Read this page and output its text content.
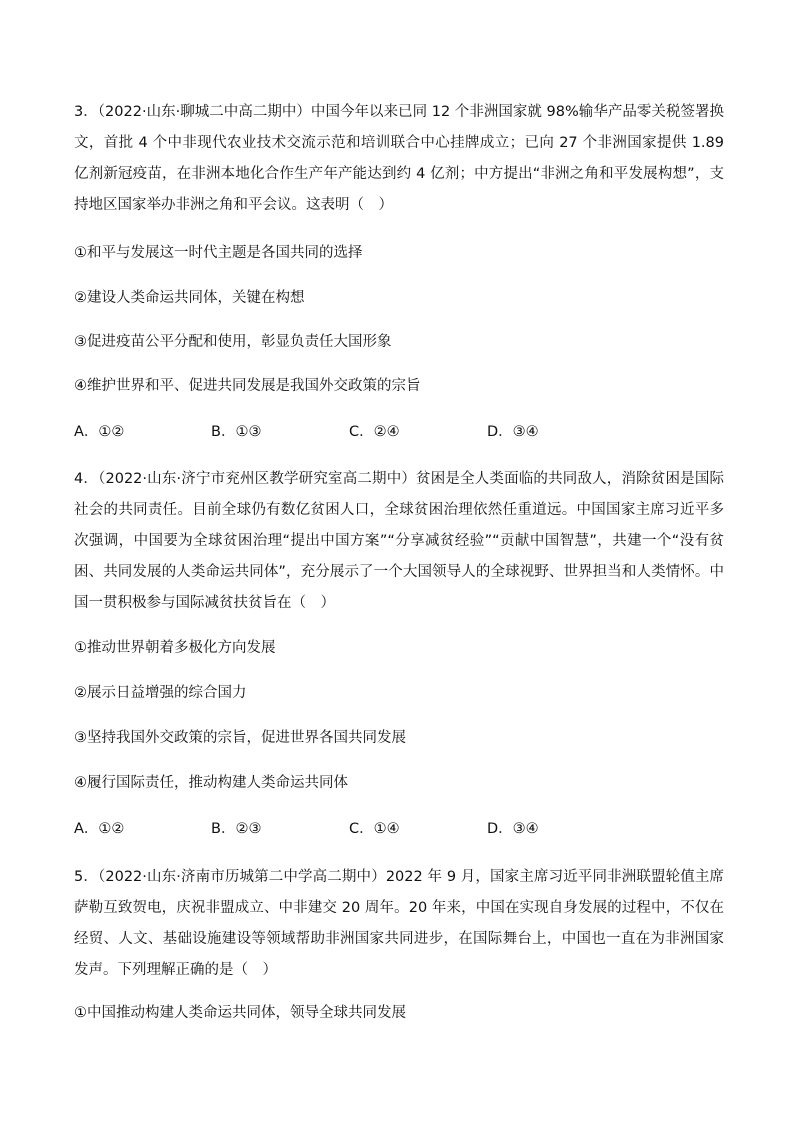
3．（2022·山东·聊城二中高二期中）中国今年以来已同 12 个非洲国家就 98%输华产品零关税签署换文，首批 4 个中非现代农业技术交流示范和培训联合中心挂牌成立；已向 27 个非洲国家提供 1.89 亿剂新冠疫苗，在非洲本地化合作生产年产能达到约 4 亿剂；中方提出“非洲之角和平发展构想”，支持地区国家举办非洲之角和平会议。这表明（　）

①和平与发展这一时代主题是各国共同的选择

②建设人类命运共同体，关键在构想

③促进疫苗公平分配和使用，彰显负责任大国形象

④维护世界和平、促进共同发展是我国外交政策的宗旨

A．①②	B．①③	C．②④	D．③④

4．（2022·山东·济宁市兖州区教学研究室高二期中）贫困是全人类面临的共同敌人，消除贫困是国际社会的共同责任。目前全球仍有数亿贫困人口，全球贫困治理依然任重道远。中国国家主席习近平多次强调，中国要为全球贫困治理“提出中国方案”“分享减贫经验”“贡献中国智慧”，共建一个“没有贫困、共同发展的人类命运共同体”，充分展示了一个大国领导人的全球视野、世界担当和人类情怀。中国一贯积极参与国际减贫扶贫旨在（　）

①推动世界朝着多极化方向发展

②展示日益增强的综合国力

③坚持我国外交政策的宗旨，促进世界各国共同发展

④履行国际责任，推动构建人类命运共同体

A．①②	B．②③	C．①④	D．③④

5．（2022·山东·济南市历城第二中学高二期中）2022 年 9 月，国家主席习近平同非洲联盟轮值主席萨勒互致贺电，庆祝非盟成立、中非建交 20 周年。20 年来，中国在实现自身发展的过程中，不仅在经贸、人文、基础设施建设等领域帮助非洲国家共同进步，在国际舞台上，中国也一直在为非洲国家发声。下列理解正确的是（　）

①中国推动构建人类命运共同体，领导全球共同发展
